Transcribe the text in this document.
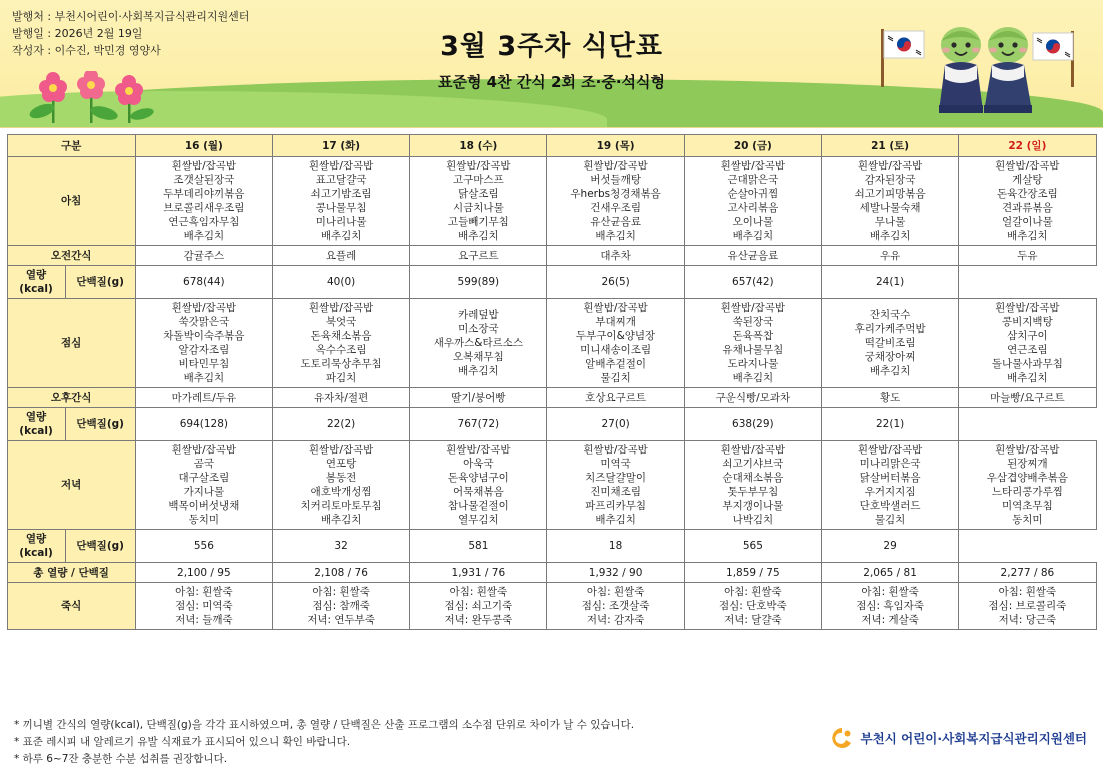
발행처 : 부천시어린이·사회복지급식관리지원센터
발행일 : 2026년 2월 19일
작성자 : 이수진, 박민경 영양사	3월 3주차 식단표
표준형 4찬 간식 2회 조·중·석식형
구분		16 (월)	17 (화)	18 (수)	19 (목)	20 (금)	21 (토)	22 (일)
아침	
흰쌀밥/잡곡밥
조갯살된장국
두부데리야끼볶음
브로콜리새우조림
연근흑임자무침
배추김치

흰쌀밥/잡곡밥
표고달걀국
쇠고기밤조림
콩나물무침
미나리나물
배추김치

흰쌀밥/잡곡밥
고구마스프
닭살조림
시금치나물
고들빼기무침
배추김치

흰쌀밥/잡곡밥
버섯들깨탕
우herbs청경채볶음
건새우조림
유산균음료
배추김치

흰쌀밥/잡곡밥
근대맑은국
순살아귀찜
고사리볶음
오이나물
배추김치

흰쌀밥/잡곡밥
감자된장국
쇠고기피망볶음
세발나물숙채
무나물
배추김치

흰쌀밥/잡곡밥
게살탕
돈육간장조림
견과류볶음
얼갈이나물
배추김치

오전간식		감귤주스	요플레	요구르트	대추차	유산균음료	우유	두유
열량(kcal)	단백질(g)	678(44)	40(0)	599(89)	26(5)	657(42)	24(1)	
점심	
흰쌀밥/잡곡밥
쑥갓맑은국
차돌박이숙주볶음
알감자조림
비타민무침
배추김치

흰쌀밥/잡곡밥
북엇국
돈육채소볶음
옥수수조림
도토리묵상추무침
파김치

카레덮밥
미소장국
새우까스&타르소스
오복채무침
배추김치

흰쌀밥/잡곡밥
부대찌개
두부구이&양념장
미니새송이조림
알배추겉절이
물김치

흰쌀밥/잡곡밥
쑥된장국
돈육폭찹
유채나물무침
도라지나물
배추김치

잔치국수
후리가케주먹밥
떡갈비조림
궁채장아찌
배추김치

흰쌀밥/잡곡밥
콩비지백탕
삼치구이
연근조림
돌나물사과무침
배추김치

오후간식		마가레트/두유	유자차/절편	딸기/붕어빵	호상요구르트	구운식빵/모과차	황도	마늘빵/요구르트
열량(kcal)	단백질(g)	694(128)	22(2)	767(72)	27(0)	638(29)	22(1)	
저녁	
흰쌀밥/잡곡밥
곰국
대구살조림
가지나물
백목이버섯냉채
동치미

흰쌀밥/잡곡밥
연포탕
봄동전
애호박개성찜
치커리토마토무침
배추김치

흰쌀밥/잡곡밥
아욱국
돈육양념구이
어묵채볶음
참나물겉절이
열무김치

흰쌀밥/잡곡밥
미역국
치즈달걀말이
진미채조림
파프리카무침
배추김치

흰쌀밥/잡곡밥
쇠고기샤브국
순대채소볶음
톳두부무침
부지갱이나물
나박김치

흰쌀밥/잡곡밥
미나리맑은국
닭살버터볶음
우거지지짐
단호박샐러드
물김치

흰쌀밥/잡곡밥
된장찌개
우삼겹양배추볶음
느타리콩가루찜
미역초무침
동치미

열량(kcal)	단백질(g)	556	32	581	18	565	29	
총 열량 / 단백질		2,100 / 95	2,108 / 76	1,931 / 76	1,932 / 90	1,859 / 75	2,065 / 81	2,277 / 86
죽식	
아침: 흰쌀죽
점심: 미역죽
저녁: 들깨죽

아침: 흰쌀죽
점심: 참깨죽
저녁: 연두부죽

아침: 흰쌀죽
점심: 쇠고기죽
저녁: 완두콩죽

아침: 흰쌀죽
점심: 조갯살죽
저녁: 감자죽

아침: 흰쌀죽
점심: 단호박죽
저녁: 달걀죽

아침: 흰쌀죽
점심: 흑임자죽
저녁: 게살죽

아침: 흰쌀죽
점심: 브로콜리죽
저녁: 당근죽
* 끼니별 간식의 열량(kcal), 단백질(g)을 각각 표시하였으며, 총 열량 / 단백질은 산출 프로그램의 소수점 단위로 차이가 날 수 있습니다.
* 표준 레시피 내 알레르기 유발 식재료가 표시되어 있으니 확인 바랍니다.
* 하루 6~7잔 충분한 수분 섭취를 권장합니다.
부천시 어린이·사회복지급식관리지원센터
